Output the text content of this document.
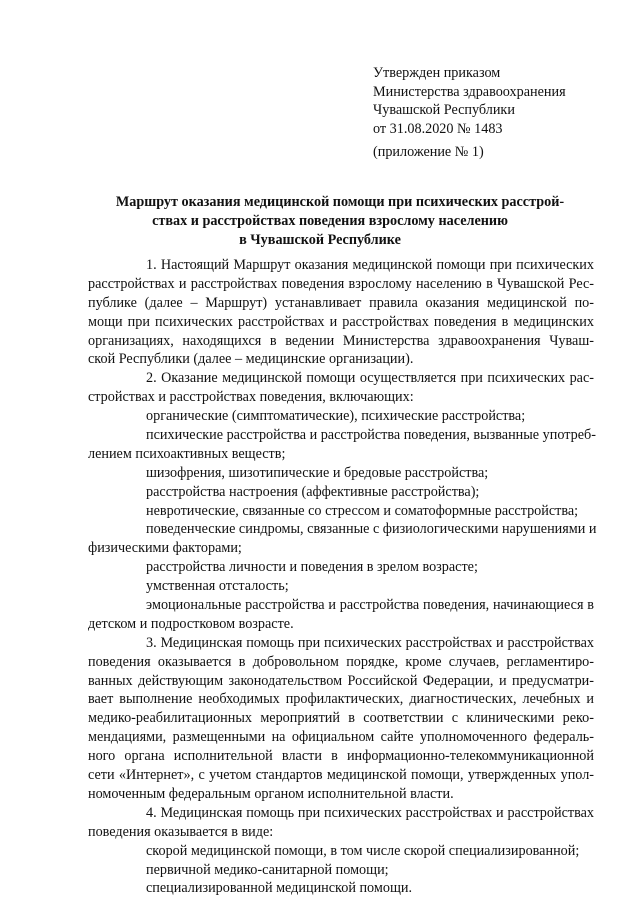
Утвержден приказом
Министерства здравоохранения
Чувашской Республики
от 31.08.2020 № 1483
(приложение № 1)
Маршрут оказания медицинской помощи при психических расстрой-
ствах и расстройствах поведения взрослому населению
в Чувашской Республике
1. Настоящий Маршрут оказания медицинской помощи при психических
расстройствах и расстройствах поведения взрослому населению в Чувашской Рес-
публике (далее – Маршрут) устанавливает правила оказания медицинской по-
мощи при психических расстройствах и расстройствах поведения в медицинских
организациях, находящихся в ведении Министерства здравоохранения Чуваш-
ской Республики (далее – медицинские организации).
2. Оказание медицинской помощи осуществляется при психических рас-
стройствах и расстройствах поведения, включающих:
органические (симптоматические), психические расстройства;
психические расстройства и расстройства поведения, вызванные употреб-
лением психоактивных веществ;
шизофрения, шизотипические и бредовые расстройства;
расстройства настроения (аффективные расстройства);
невротические, связанные со стрессом и соматоформные расстройства;
поведенческие синдромы, связанные с физиологическими нарушениями и
физическими факторами;
расстройства личности и поведения в зрелом возрасте;
умственная отсталость;
эмоциональные расстройства и расстройства поведения, начинающиеся в
детском и подростковом возрасте.
3. Медицинская помощь при психических расстройствах и расстройствах
поведения оказывается в добровольном порядке, кроме случаев, регламентиро-
ванных действующим законодательством Российской Федерации, и предусматри-
вает выполнение необходимых профилактических, диагностических, лечебных и
медико-реабилитационных мероприятий в соответствии с клиническими реко-
мендациями, размещенными на официальном сайте уполномоченного федераль-
ного органа исполнительной власти в информационно-телекоммуникационной
сети «Интернет», с учетом стандартов медицинской помощи, утвержденных упол-
номоченным федеральным органом исполнительной власти.
4. Медицинская помощь при психических расстройствах и расстройствах
поведения оказывается в виде:
скорой медицинской помощи, в том числе скорой специализированной;
первичной медико-санитарной помощи;
специализированной медицинской помощи.
